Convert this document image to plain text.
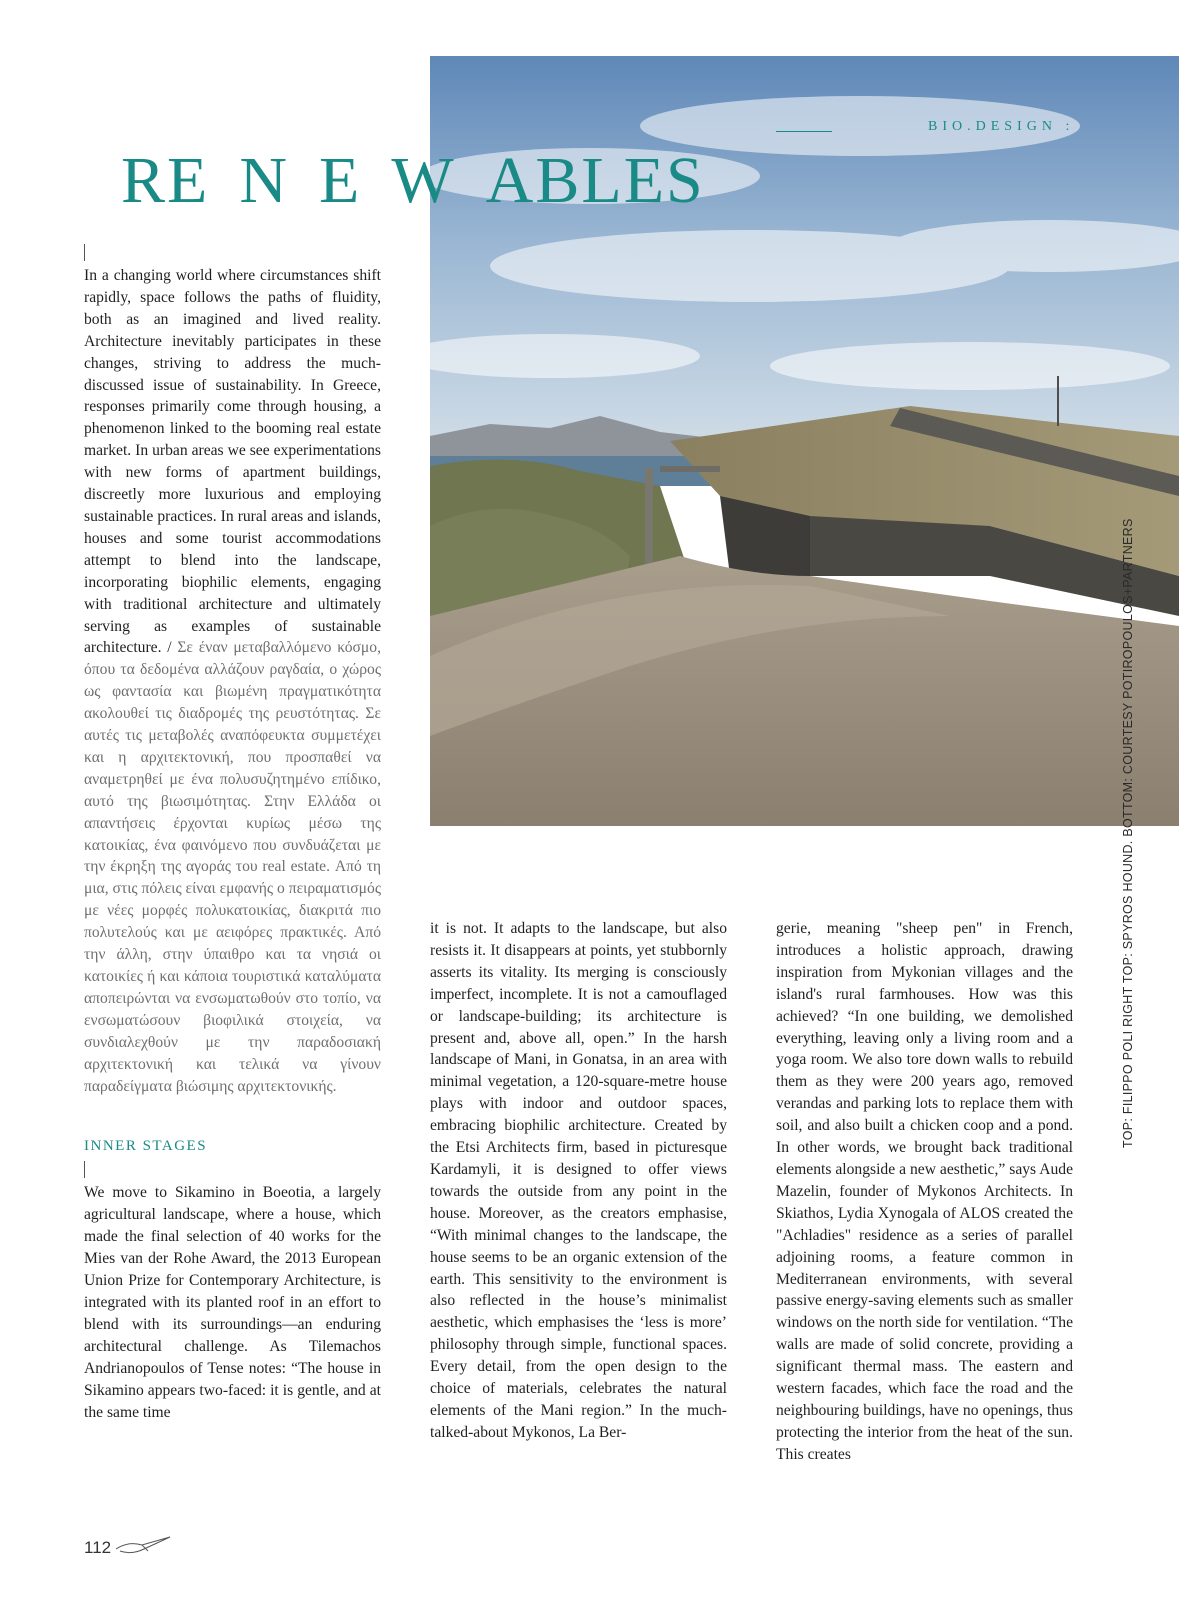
RE N E W ABLES

BIO.DESIGN :

In a changing world where circumstances shift rapidly, space follows the paths of fluidity, both as an imagined and lived reality. Architecture inevitably participates in these changes, striving to address the much-discussed issue of sustainability. In Greece, responses primarily come through housing, a phenomenon linked to the booming real estate market. In urban areas we see experimentations with new forms of apartment buildings, discreetly more luxurious and employing sustainable practices. In rural areas and islands, houses and some tourist accommodations attempt to blend into the landscape, incorporating biophilic elements, engaging with traditional architecture and ultimately serving as examples of sustainable architecture. / Σε έναν μεταβαλλόμενο κόσμο, όπου τα δεδομένα αλλάζουν ραγδαία, ο χώρος ως φαντασία και βιωμένη πραγματικότητα ακολουθεί τις διαδρομές της ρευστότητας. Σε αυτές τις μεταβολές αναπόφευκτα συμμετέχει και η αρχιτεκτονική, που προσπαθεί να αναμετρηθεί με ένα πολυσυζητημένο επίδικο, αυτό της βιωσιμότητας. Στην Ελλάδα οι απαντήσεις έρχονται κυρίως μέσω της κατοικίας, ένα φαινόμενο που συνδυάζεται με την έκρηξη της αγοράς του real estate. Από τη μια, στις πόλεις είναι εμφανής ο πειραματισμός με νέες μορφές πολυκατοικίας, διακριτά πιο πολυτελούς και με αειφόρες πρακτικές. Από την άλλη, στην ύπαιθρο και τα νησιά οι κατοικίες ή και κάποια τουριστικά καταλύματα αποπειρώνται να ενσωματωθούν στο τοπίο, να ενσωματώσουν βιοφιλικά στοιχεία, να συνδιαλεχθούν με την παραδοσιακή αρχιτεκτονική και τελικά να γίνουν παραδείγματα βιώσιμης αρχιτεκτονικής.

INNER STAGES

We move to Sikamino in Boeotia, a largely agricultural landscape, where a house, which made the final selection of 40 works for the Mies van der Rohe Award, the 2013 European Union Prize for Contemporary Architecture, is integrated with its planted roof in an effort to blend with its surroundings—an enduring architectural challenge. As Tilemachos Andrianopoulos of Tense notes: “The house in Sikamino appears two-faced: it is gentle, and at the same time

it is not. It adapts to the landscape, but also resists it. It disappears at points, yet stubbornly asserts its vitality. Its merging is consciously imperfect, incomplete. It is not a camouflaged or landscape-building; its architecture is present and, above all, open.” In the harsh landscape of Mani, in Gonatsa, in an area with minimal vegetation, a 120-square-metre house plays with indoor and outdoor spaces, embracing biophilic architecture. Created by the Etsi Architects firm, based in picturesque Kardamyli, it is designed to offer views towards the outside from any point in the house. Moreover, as the creators emphasise, “With minimal changes to the landscape, the house seems to be an organic extension of the earth. This sensitivity to the environment is also reflected in the house’s minimalist aesthetic, which emphasises the ‘less is more’ philosophy through simple, functional spaces. Every detail, from the open design to the choice of materials, celebrates the natural elements of the Mani region.” In the much-talked-about Mykonos, La Ber-

gerie, meaning "sheep pen" in French, introduces a holistic approach, drawing inspiration from Mykonian villages and the island's rural farmhouses. How was this achieved? “In one building, we demolished everything, leaving only a living room and a yoga room. We also tore down walls to rebuild them as they were 200 years ago, removed verandas and parking lots to replace them with soil, and also built a chicken coop and a pond. In other words, we brought back traditional elements alongside a new aesthetic,” says Aude Mazelin, founder of Mykonos Architects. In Skiathos, Lydia Xynogala of ALOS created the "Achladies" residence as a series of parallel adjoining rooms, a feature common in Mediterranean environments, with several passive energy-saving elements such as smaller windows on the north side for ventilation. “The walls are made of solid concrete, providing a significant thermal mass. The eastern and western facades, which face the road and the neighbouring buildings, have no openings, thus protecting the interior from the heat of the sun. This creates

TOP: FILIPPO POLI RIGHT TOP: SPYROS HOUND. BOTTOM: COURTESY POTIROPOULOS+PARTNERS
112
